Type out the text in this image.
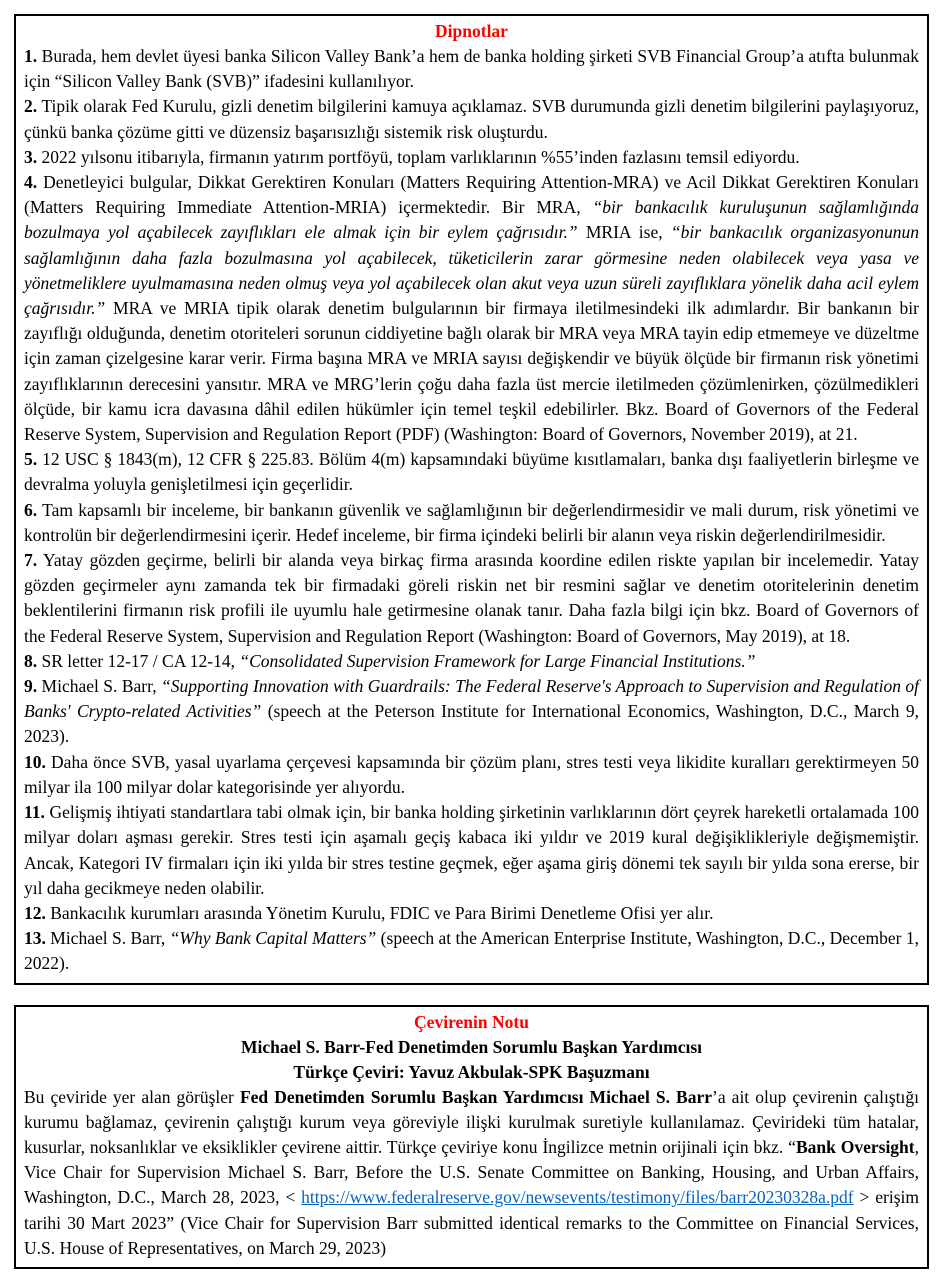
Dipnotlar

1. Burada, hem devlet üyesi banka Silicon Valley Bank’a hem de banka holding şirketi SVB Financial Group’a atıfta bulunmak için “Silicon Valley Bank (SVB)” ifadesini kullanılıyor.

2. Tipik olarak Fed Kurulu, gizli denetim bilgilerini kamuya açıklamaz. SVB durumunda gizli denetim bilgilerini paylaşıyoruz, çünkü banka çözüme gitti ve düzensiz başarısızlığı sistemik risk oluşturdu.

3. 2022 yılsonu itibarıyla, firmanın yatırım portföyü, toplam varlıklarının %55’inden fazlasını temsil ediyordu.

4. Denetleyici bulgular, Dikkat Gerektiren Konuları (Matters Requiring Attention-MRA) ve Acil Dikkat Gerektiren Konuları (Matters Requiring Immediate Attention-MRIA) içermektedir. Bir MRA, “bir bankacılık kuruluşunun sağlamlığında bozulmaya yol açabilecek zayıflıkları ele almak için bir eylem çağrısıdır.” MRIA ise, “bir bankacılık organizasyonunun sağlamlığının daha fazla bozulmasına yol açabilecek, tüketicilerin zarar görmesine neden olabilecek veya yasa ve yönetmeliklere uyulmamasına neden olmuş veya yol açabilecek olan akut veya uzun süreli zayıflıklara yönelik daha acil eylem çağrısıdır.” MRA ve MRIA tipik olarak denetim bulgularının bir firmaya iletilmesindeki ilk adımlardır. Bir bankanın bir zayıflığı olduğunda, denetim otoriteleri sorunun ciddiyetine bağlı olarak bir MRA veya MRA tayin edip etmemeye ve düzeltme için zaman çizelgesine karar verir. Firma başına MRA ve MRIA sayısı değişkendir ve büyük ölçüde bir firmanın risk yönetimi zayıflıklarının derecesini yansıtır. MRA ve MRG’lerin çoğu daha fazla üst mercie iletilmeden çözümlenirken, çözülmedikleri ölçüde, bir kamu icra davasına dâhil edilen hükümler için temel teşkil edebilirler. Bkz. Board of Governors of the Federal Reserve System, Supervision and Regulation Report (PDF) (Washington: Board of Governors, November 2019), at 21.

5. 12 USC § 1843(m), 12 CFR § 225.83. Bölüm 4(m) kapsamındaki büyüme kısıtlamaları, banka dışı faaliyetlerin birleşme ve devralma yoluyla genişletilmesi için geçerlidir.

6. Tam kapsamlı bir inceleme, bir bankanın güvenlik ve sağlamlığının bir değerlendirmesidir ve mali durum, risk yönetimi ve kontrolün bir değerlendirmesini içerir. Hedef inceleme, bir firma içindeki belirli bir alanın veya riskin değerlendirilmesidir.

7. Yatay gözden geçirme, belirli bir alanda veya birkaç firma arasında koordine edilen riskte yapılan bir incelemedir. Yatay gözden geçirmeler aynı zamanda tek bir firmadaki göreli riskin net bir resmini sağlar ve denetim otoritelerinin denetim beklentilerini firmanın risk profili ile uyumlu hale getirmesine olanak tanır. Daha fazla bilgi için bkz. Board of Governors of the Federal Reserve System, Supervision and Regulation Report (Washington: Board of Governors, May 2019), at 18.

8. SR letter 12-17 / CA 12-14, “Consolidated Supervision Framework for Large Financial Institutions.”

9. Michael S. Barr, “Supporting Innovation with Guardrails: The Federal Reserve's Approach to Supervision and Regulation of Banks' Crypto-related Activities” (speech at the Peterson Institute for International Economics, Washington, D.C., March 9, 2023).

10. Daha önce SVB, yasal uyarlama çerçevesi kapsamında bir çözüm planı, stres testi veya likidite kuralları gerektirmeyen 50 milyar ila 100 milyar dolar kategorisinde yer alıyordu.

11. Gelişmiş ihtiyati standartlara tabi olmak için, bir banka holding şirketinin varlıklarının dört çeyrek hareketli ortalamada 100 milyar doları aşması gerekir. Stres testi için aşamalı geçiş kabaca iki yıldır ve 2019 kural değişiklikleriyle değişmemiştir. Ancak, Kategori IV firmaları için iki yılda bir stres testine geçmek, eğer aşama giriş dönemi tek sayılı bir yılda sona ererse, bir yıl daha gecikmeye neden olabilir.

12. Bankacılık kurumları arasında Yönetim Kurulu, FDIC ve Para Birimi Denetleme Ofisi yer alır.

13. Michael S. Barr, “Why Bank Capital Matters” (speech at the American Enterprise Institute, Washington, D.C., December 1, 2022).

Çevirenin Notu

Michael S. Barr-Fed Denetimden Sorumlu Başkan Yardımcısı

Türkçe Çeviri: Yavuz Akbulak-SPK Başuzmanı

Bu çeviride yer alan görüşler Fed Denetimden Sorumlu Başkan Yardımcısı Michael S. Barr’a ait olup çevirenin çalıştığı kurumu bağlamaz, çevirenin çalıştığı kurum veya göreviyle ilişki kurulmak suretiyle kullanılamaz. Çevirideki tüm hatalar, kusurlar, noksanlıklar ve eksiklikler çevirene aittir. Türkçe çeviriye konu İngilizce metnin orijinali için bkz. “Bank Oversight, Vice Chair for Supervision Michael S. Barr, Before the U.S. Senate Committee on Banking, Housing, and Urban Affairs, Washington, D.C., March 28, 2023, < https://www.federalreserve.gov/newsevents/testimony/files/barr20230328a.pdf > erişim tarihi 30 Mart 2023” (Vice Chair for Supervision Barr submitted identical remarks to the Committee on Financial Services, U.S. House of Representatives, on March 29, 2023)
